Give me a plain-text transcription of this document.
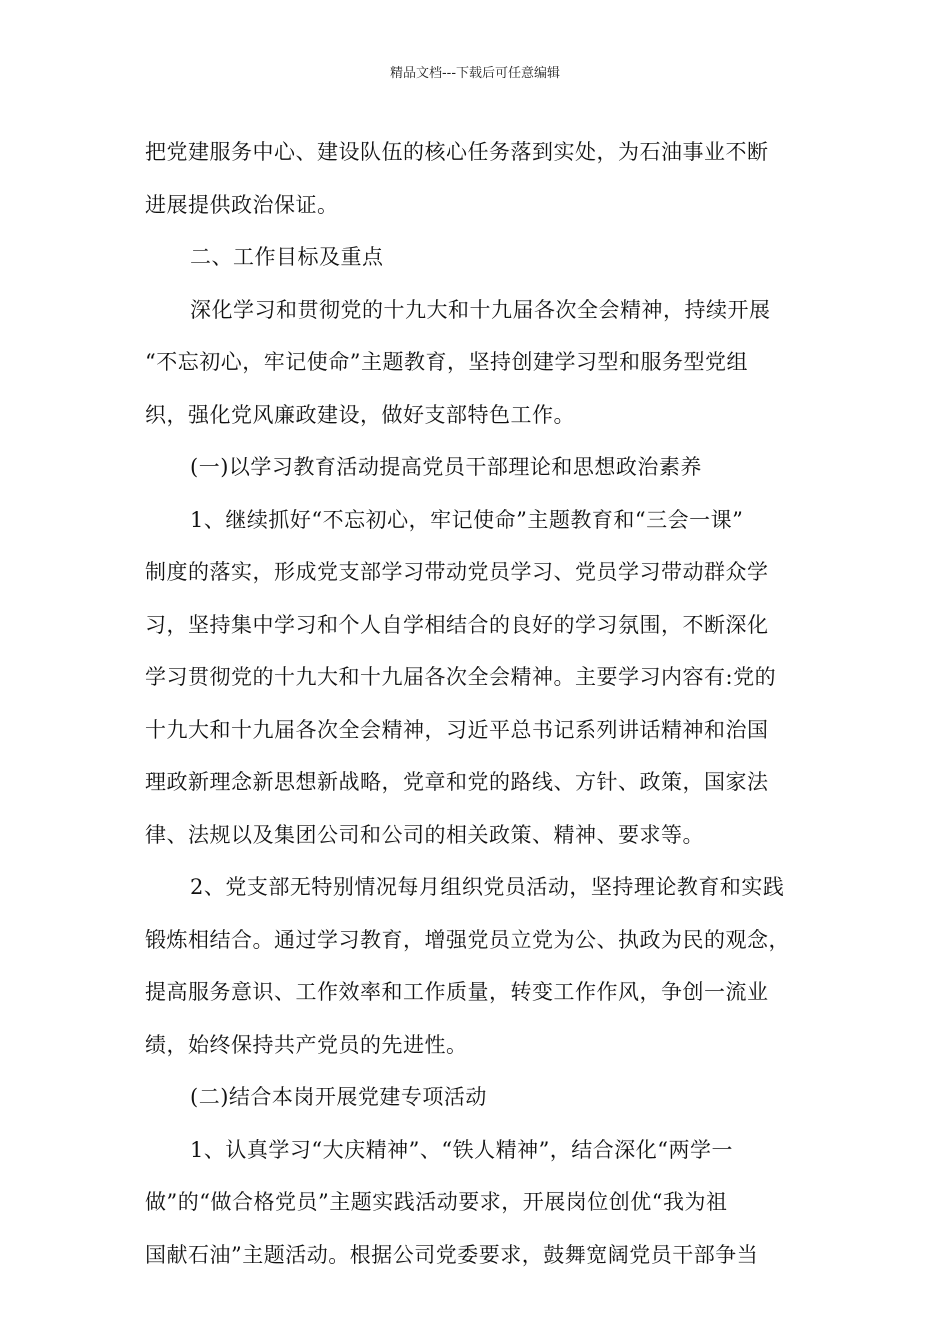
精品文档---下载后可任意编辑
把党建服务中心、建设队伍的核心任务落到实处，为石油事业不断
进展提供政治保证。
二、工作目标及重点
深化学习和贯彻党的十九大和十九届各次全会精神，持续开展
“不忘初心，牢记使命”主题教育，坚持创建学习型和服务型党组
织，强化党风廉政建设，做好支部特色工作。
(一)以学习教育活动提高党员干部理论和思想政治素养
1、继续抓好“不忘初心，牢记使命”主题教育和“三会一课”
制度的落实，形成党支部学习带动党员学习、党员学习带动群众学
习，坚持集中学习和个人自学相结合的良好的学习氛围，不断深化
学习贯彻党的十九大和十九届各次全会精神。主要学习内容有:党的
十九大和十九届各次全会精神，习近平总书记系列讲话精神和治国
理政新理念新思想新战略，党章和党的路线、方针、政策，国家法
律、法规以及集团公司和公司的相关政策、精神、要求等。
2、党支部无特别情况每月组织党员活动，坚持理论教育和实践
锻炼相结合。通过学习教育，增强党员立党为公、执政为民的观念，
提高服务意识、工作效率和工作质量，转变工作作风，争创一流业
绩，始终保持共产党员的先进性。
(二)结合本岗开展党建专项活动
1、认真学习“大庆精神”、“铁人精神”，结合深化“两学一
做”的“做合格党员”主题实践活动要求，开展岗位创优“我为祖
国献石油”主题活动。根据公司党委要求，鼓舞宽阔党员干部争当
